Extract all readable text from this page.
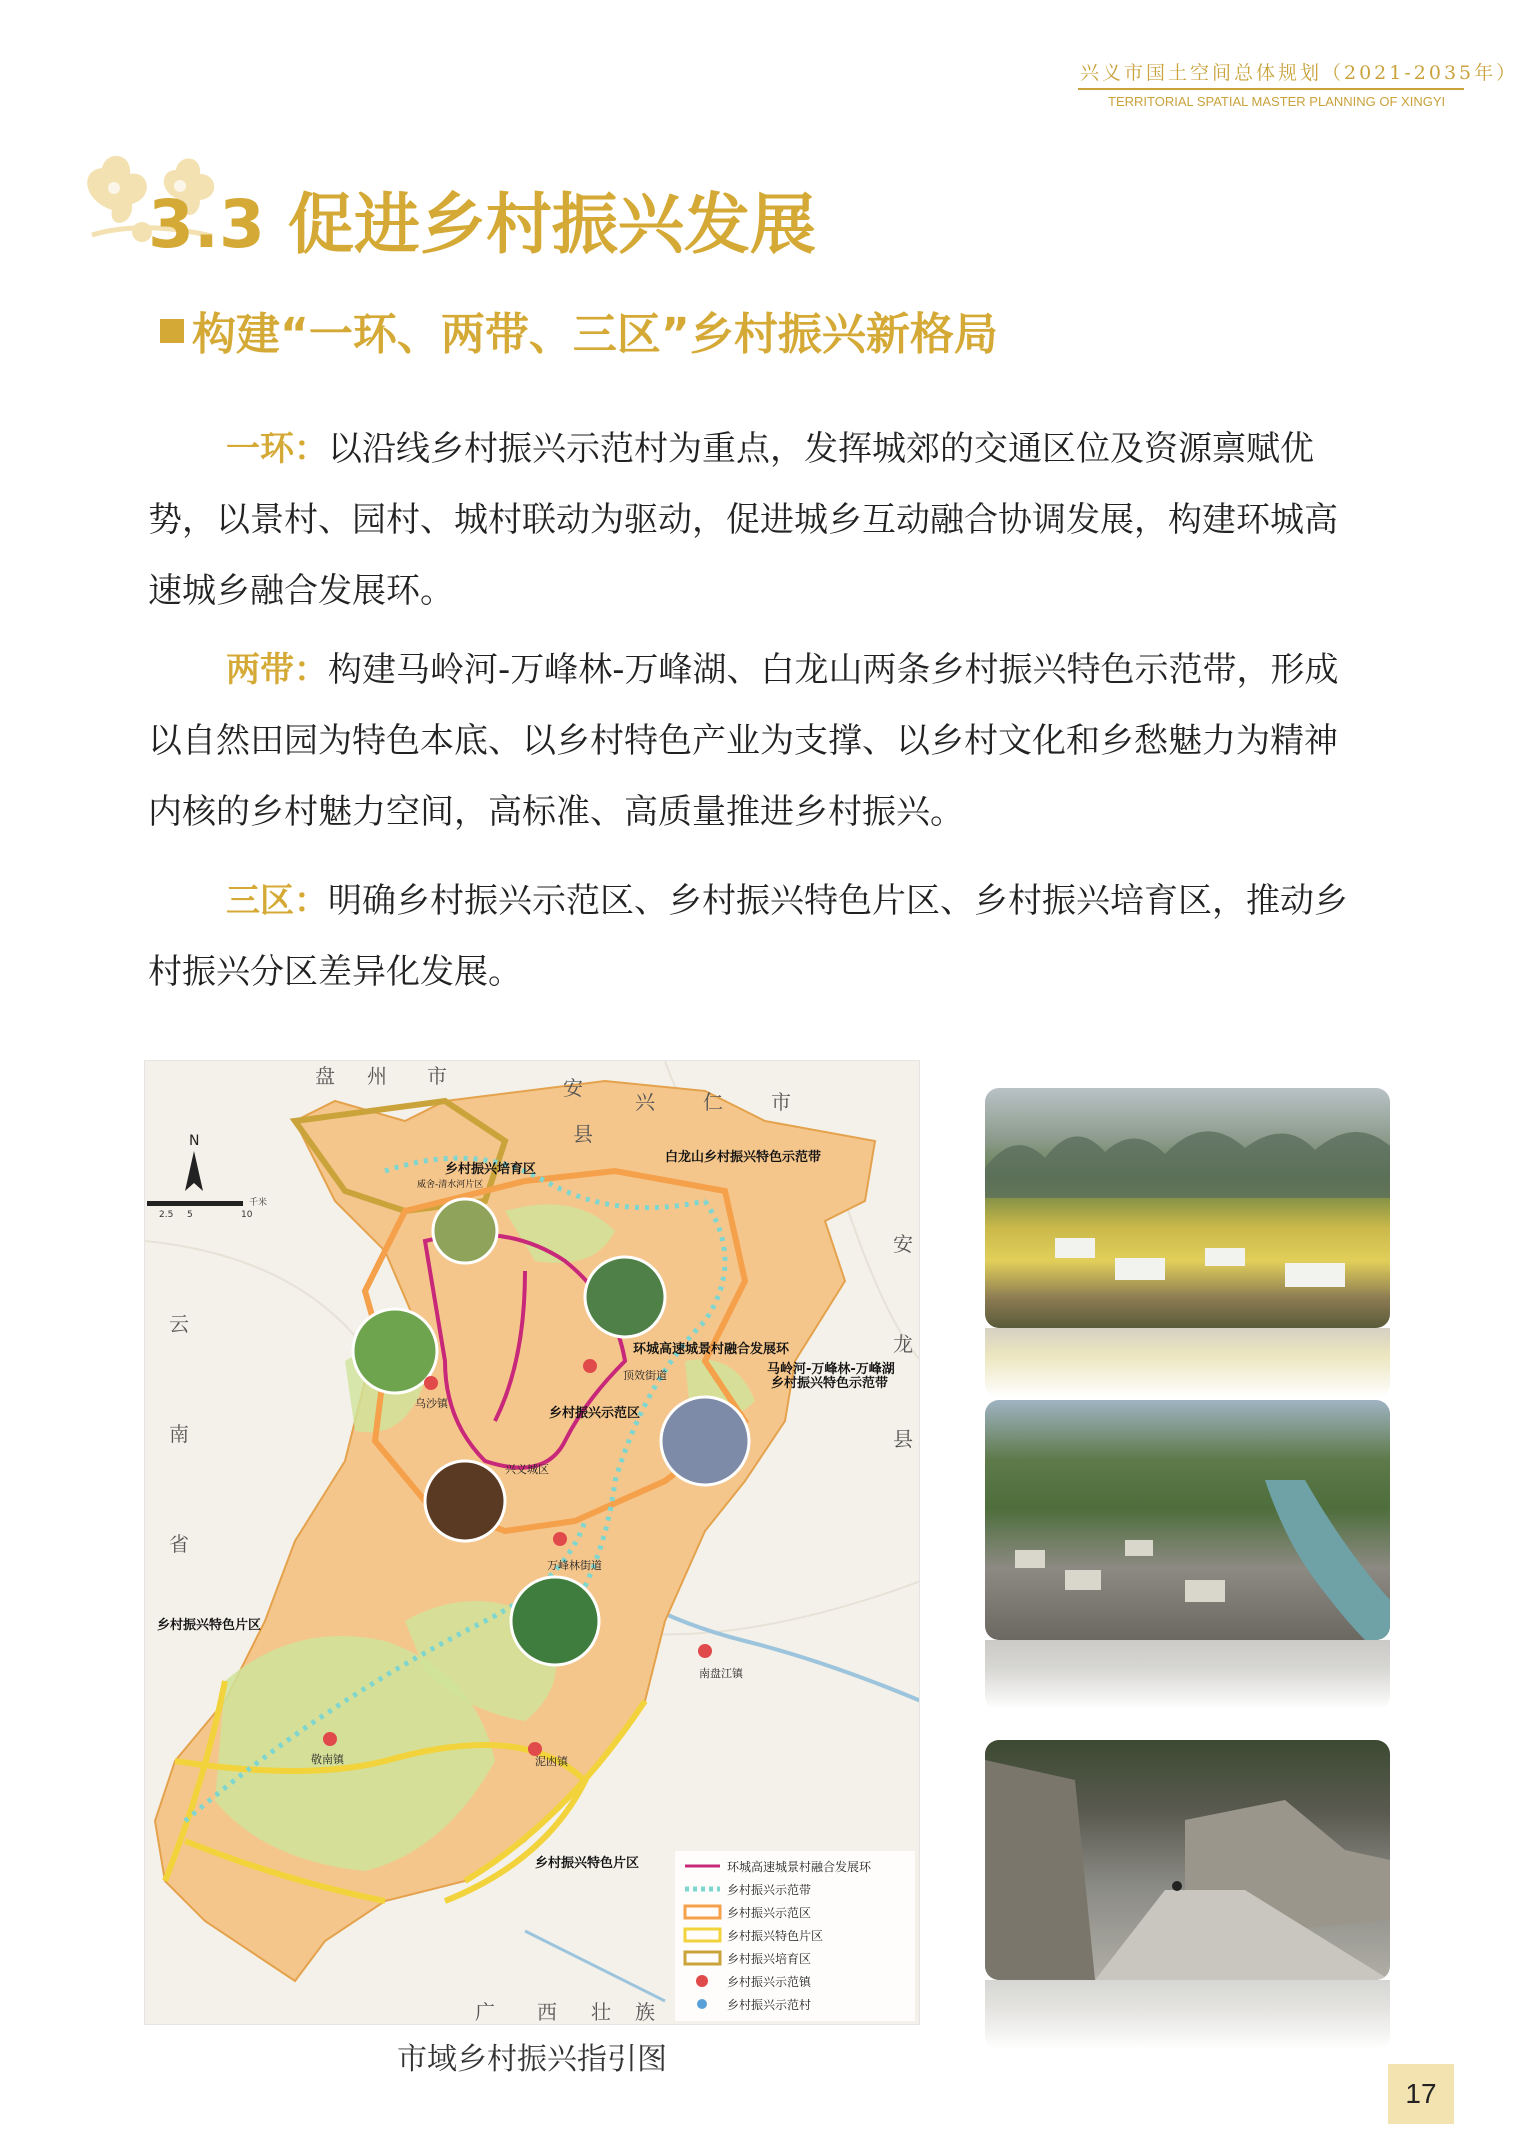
兴义市国土空间总体规划（2021-2035年）
TERRITORIAL SPATIAL MASTER PLANNING OF XINGYI
3.3 促进乡村振兴发展
构建“一环、两带、三区”乡村振兴新格局

一环：以沿线乡村振兴示范村为重点，发挥城郊的交通区位及资源禀赋优势，以景村、园村、城村联动为驱动，促进城乡互动融合协调发展，构建环城高速城乡融合发展环。

两带：构建马岭河-万峰林-万峰湖、白龙山两条乡村振兴特色示范带，形成以自然田园为特色本底、以乡村特色产业为支撑、以乡村文化和乡愁魅力为精神内核的乡村魅力空间，高标准、高质量推进乡村振兴。

三区：明确乡村振兴示范区、乡村振兴特色片区、乡村振兴培育区，推动乡村振兴分区差异化发展。

N
2.5 5	10
千米
盘 州 市	安
兴 仁 市
县
云
南
省
安
龙
县
广 西 壮 族
乡村振兴培育区
威舍-清水河片区
白龙山乡村振兴特色示范带
环城高速城景村融合发展环
马岭河-万峰林-万峰湖
乡村振兴特色示范带
乡村振兴示范区
乡村振兴特色片区
乡村振兴特色片区
乌沙镇
顶效街道
万峰林街道
南盘江镇
敬南镇	泥凼镇
兴义城区
环城高速城景村融合发展环
乡村振兴示范带
乡村振兴示范区
乡村振兴特色片区
乡村振兴培育区
乡村振兴示范镇
乡村振兴示范村
市域乡村振兴指引图
17
